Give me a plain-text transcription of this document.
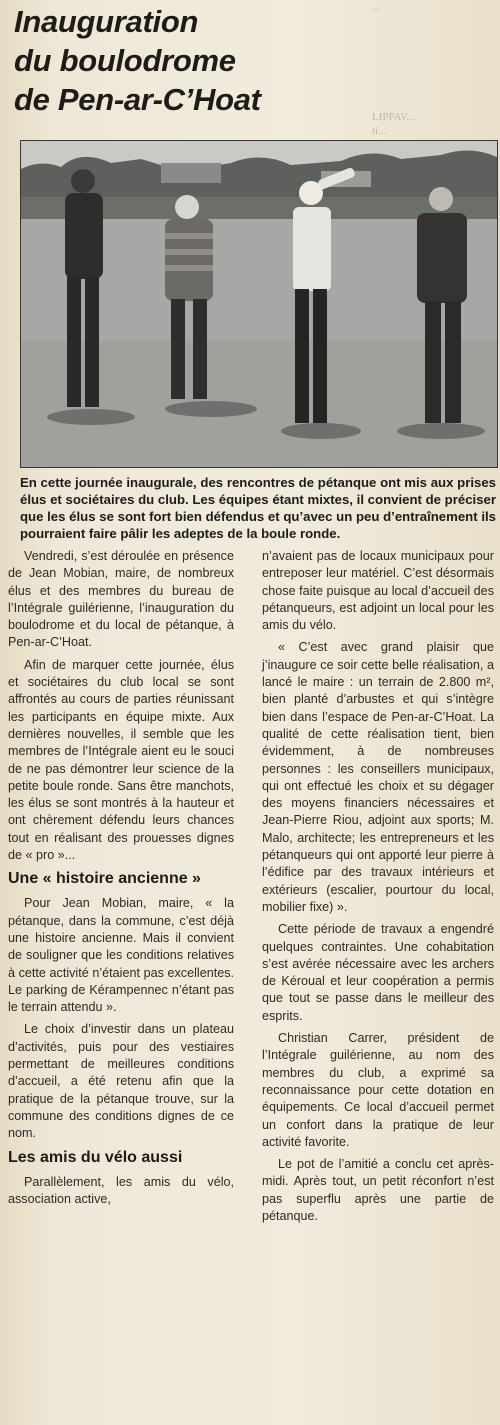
...
LIPPAV...
ti...
Inauguration
du boulodrome
de Pen-ar-C’Hoat
En cette journée inaugurale, des rencontres de pétanque ont mis aux prises élus et sociétaires du club. Les équipes étant mixtes, il convient de préciser que les élus se sont fort bien défendus et qu’avec un peu d’entraînement ils pourraient faire pâlir les adeptes de la boule ronde.

Vendredi, s’est déroulée en présence de Jean Mobian, maire, de nombreux élus et des membres du bureau de l’Intégrale guilérienne, l’inauguration du boulodrome et du local de pétanque, à Pen-ar-C’Hoat.

Afin de marquer cette journée, élus et sociétaires du club local se sont affrontés au cours de parties réunissant les participants en équipe mixte. Aux dernières nouvelles, il semble que les membres de l’Intégrale aient eu le souci de ne pas démontrer leur science de la petite boule ronde. Sans être manchots, les élus se sont montrés à la hauteur et ont chèrement défendu leurs chances tout en réalisant des prouesses dignes de « pro »...

Une « histoire ancienne »

Pour Jean Mobian, maire, « la pétanque, dans la commune, c’est déjà une histoire ancienne. Mais il convient de souligner que les conditions relatives à cette activité n’étaient pas excellentes. Le parking de Kérampennec n’étant pas le terrain attendu ».

Le choix d’investir dans un plateau d’activités, puis pour des vestiaires permettant de meilleures conditions d’accueil, a été retenu afin que la pratique de la pétanque trouve, sur la commune des conditions dignes de ce nom.

Les amis du vélo aussi

Parallèlement, les amis du vélo, association active,

n’avaient pas de locaux municipaux pour entreposer leur matériel. C’est désormais chose faite puisque au local d’accueil des pétanqueurs, est adjoint un local pour les amis du vélo.

« C’est avec grand plaisir que j’inaugure ce soir cette belle réalisation, a lancé le maire : un terrain de 2.800 m², bien planté d’arbustes et qui s’intègre bien dans l’espace de Pen-ar-C’Hoat. La qualité de cette réalisation tient, bien évidemment, à de nombreuses personnes : les conseillers municipaux, qui ont effectué les choix et su dégager des moyens financiers nécessaires et Jean-Pierre Riou, adjoint aux sports; M. Malo, architecte; les entrepreneurs et les pétanqueurs qui ont apporté leur pierre à l’édifice par des travaux intérieurs et extérieurs (escalier, pourtour du local, mobilier fixe) ».

Cette période de travaux a engendré quelques contraintes. Une cohabitation s’est avérée nécessaire avec les archers de Kéroual et leur coopération a permis que tout se passe dans le meilleur des esprits.

Christian Carrer, président de l’Intégrale guilérienne, au nom des membres du club, a exprimé sa reconnaissance pour cette dotation en équipements. Ce local d’accueil permet un confort dans la pratique de leur activité favorite.

Le pot de l’amitié a conclu cet après-midi. Après tout, un petit réconfort n’est pas superflu après une partie de pétanque.
